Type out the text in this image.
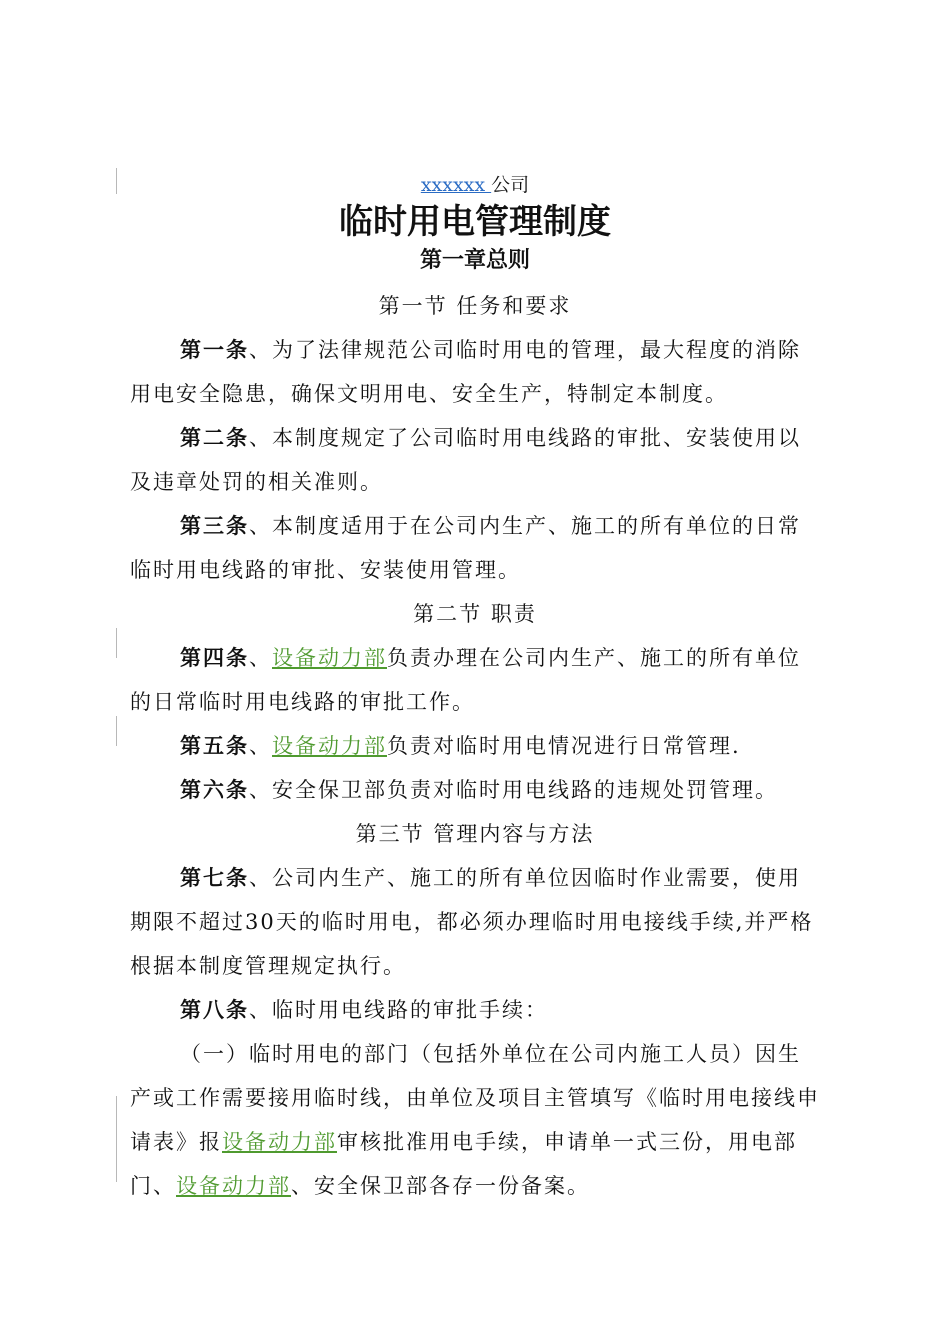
xxxxxx 公司
临时用电管理制度
第一章总则
第一节 任务和要求

第一条、为了法律规范公司临时用电的管理，最大程度的消除用电安全隐患，确保文明用电、安全生产，特制定本制度。

第二条、本制度规定了公司临时用电线路的审批、安装使用以及违章处罚的相关准则。

第三条、本制度适用于在公司内生产、施工的所有单位的日常临时用电线路的审批、安装使用管理。

第二节 职责

第四条、设备动力部负责办理在公司内生产、施工的所有单位的日常临时用电线路的审批工作。

第五条、设备动力部负责对临时用电情况进行日常管理.

第六条、安全保卫部负责对临时用电线路的违规处罚管理。

第三节 管理内容与方法

第七条、公司内生产、施工的所有单位因临时作业需要，使用期限不超过30天的临时用电，都必须办理临时用电接线手续,并严格根据本制度管理规定执行。

第八条、临时用电线路的审批手续：

（一）临时用电的部门（包括外单位在公司内施工人员）因生产或工作需要接用临时线，由单位及项目主管填写《临时用电接线申请表》报设备动力部审核批准用电手续，申请单一式三份，用电部门、设备动力部、安全保卫部各存一份备案。
